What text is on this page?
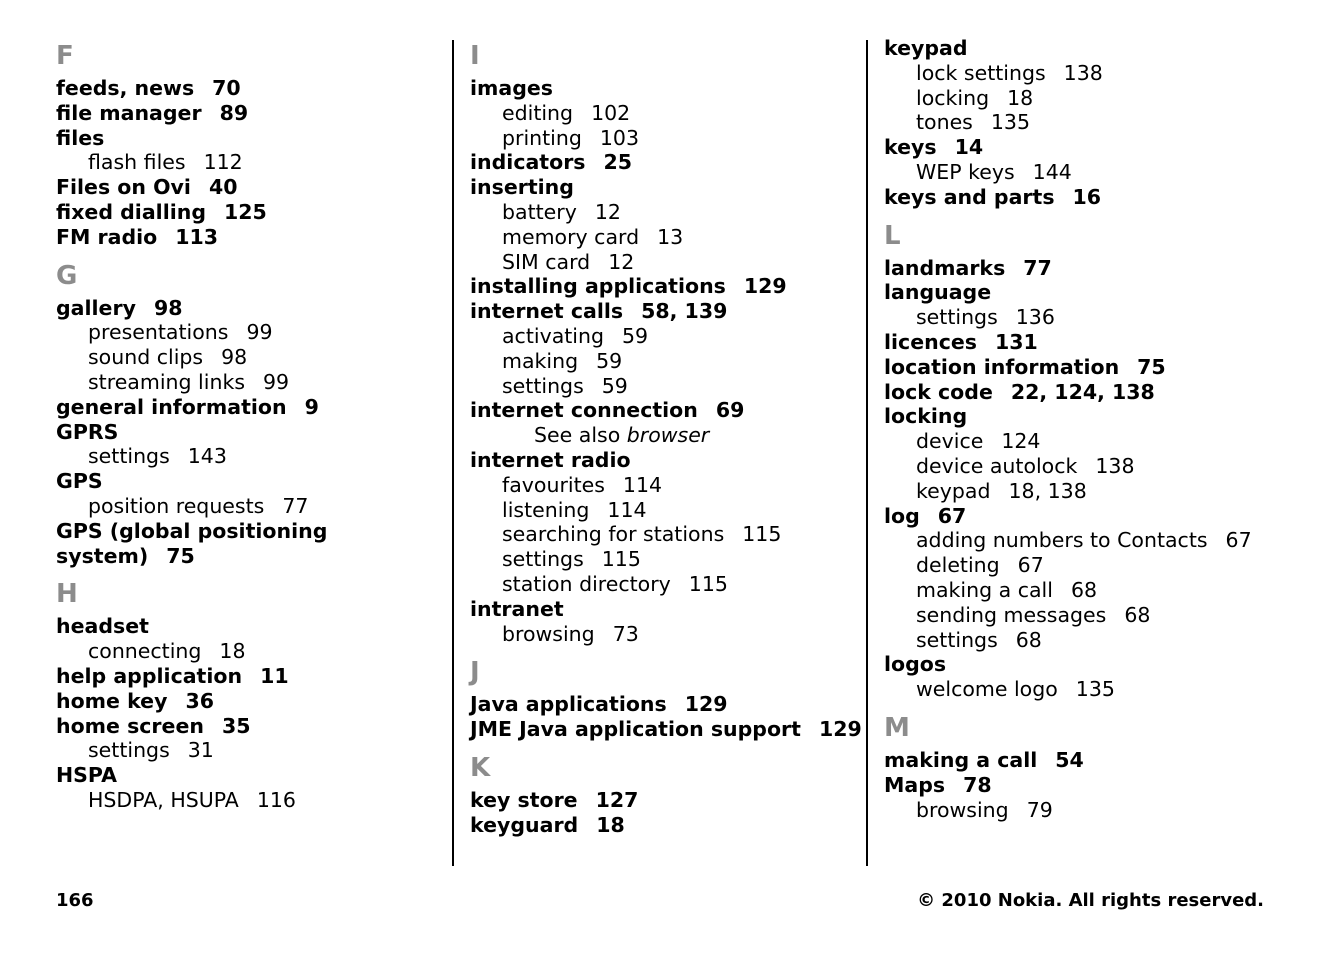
F
feeds, news 70
file manager 89
files
flash files 112
Files on Ovi 40
fixed dialling 125
FM radio 113
G
gallery 98
presentations 99
sound clips 98
streaming links 99
general information 9
GPRS
settings 143
GPS
position requests 77
GPS (global positioning
system) 75
H
headset
connecting 18
help application 11
home key 36
home screen 35
settings 31
HSPA
HSDPA, HSUPA 116
I
images
editing 102
printing 103
indicators 25
inserting
battery 12
memory card 13
SIM card 12
installing applications 129
internet calls 58, 139
activating 59
making 59
settings 59
internet connection 69
See also browser
internet radio
favourites 114
listening 114
searching for stations 115
settings 115
station directory 115
intranet
browsing 73
J
Java applications 129
JME Java application support 129
K
key store 127
keyguard 18
keypad
lock settings 138
locking 18
tones 135
keys 14
WEP keys 144
keys and parts 16
L
landmarks 77
language
settings 136
licences 131
location information 75
lock code 22, 124, 138
locking
device 124
device autolock 138
keypad 18, 138
log 67
adding numbers to Contacts 67
deleting 67
making a call 68
sending messages 68
settings 68
logos
welcome logo 135
M
making a call 54
Maps 78
browsing 79
166	© 2010 Nokia. All rights reserved.
